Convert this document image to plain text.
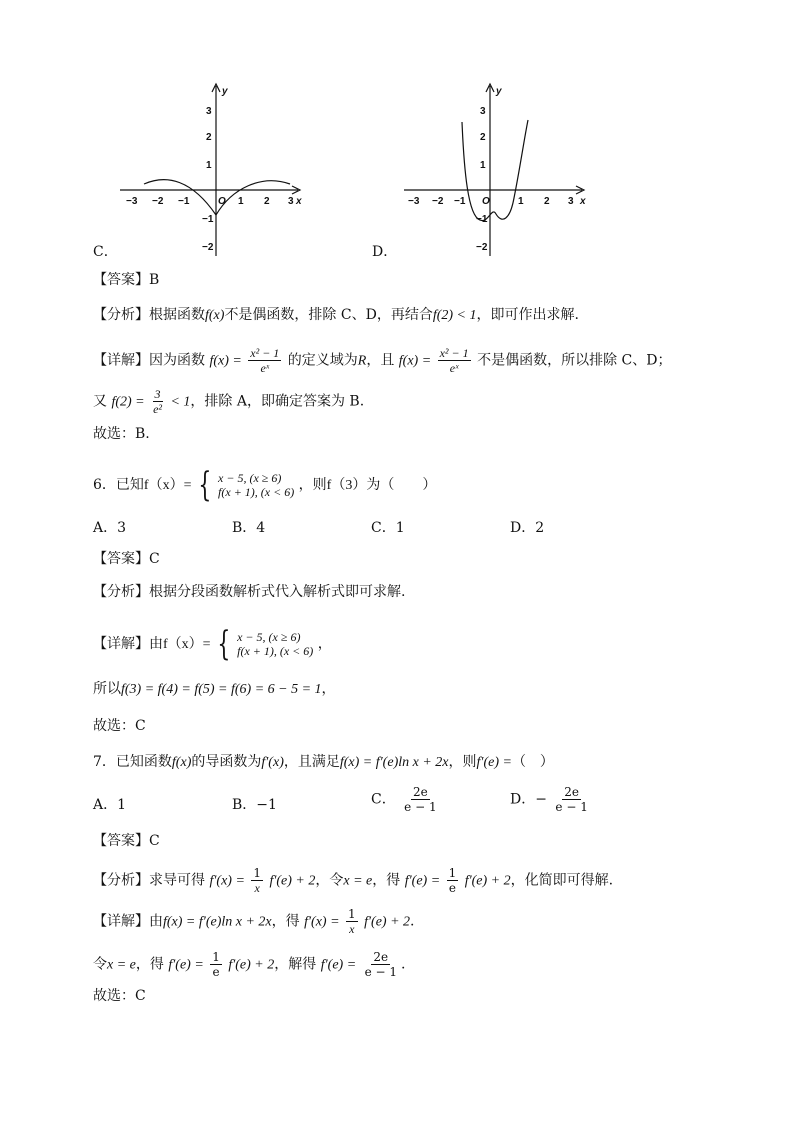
y
x
O
−3 −2 −1	1 2 3
3
2
1
−1
−2
C．
y
x
O
−3 −2 −1	1 2 3
3
2
1
−1
−2
D．
【答案】B
【分析】根据函数f(x)不是偶函数，排除 C、D，再结合f(2) < 1，即可作出求解.
【详解】因为函数 $f(x) = \frac{\text{x² − 1}}{\text{eˣ}}$ 的定义域为R，且 $f(x) = \frac{\text{x² − 1}}{\text{eˣ}}$ 不是偶函数，所以排除 C、D；
又 $f(2) = \frac{3}{\text{e²}} < 1$，排除 A，即确定答案为 B.
故选：B.
6．已知f（x）= { x − 5, (x ≥ 6)
f(x + 1), (x < 6) ，则f（3）为（　　）
A．3	B．4	C．1	D．2
【答案】C
【分析】根据分段函数解析式代入解析式即可求解.
【详解】由f（x）= { x − 5, (x ≥ 6)
f(x + 1), (x < 6) ，
所以f(3) = f(4) = f(5) = f(6) = 6 − 5 = 1，
故选：C
7．已知函数f(x)的导函数为f′(x)，且满足f(x) = f′(e)ln x + 2x，则f′(e) =（　）
A．1	B．−1	C． $\frac{2e}{e - 1}$	D．− $\frac{2e}{e - 1}$
【答案】C
【分析】求导可得 $f'(x) = \frac{1}{x} f'(e) + 2$，令x = e，得 $f'(e) = \frac{1}{e} f'(e) + 2$，化简即可得解.
【详解】由f(x) = f′(e)ln x + 2x，得 $f'(x) = \frac{1}{x} f'(e) + 2$.
令x = e，得 $f'(e) = \frac{1}{e} f'(e) + 2$，解得 $f'(e) = \frac{2e}{e - 1}$ .
故选：C
